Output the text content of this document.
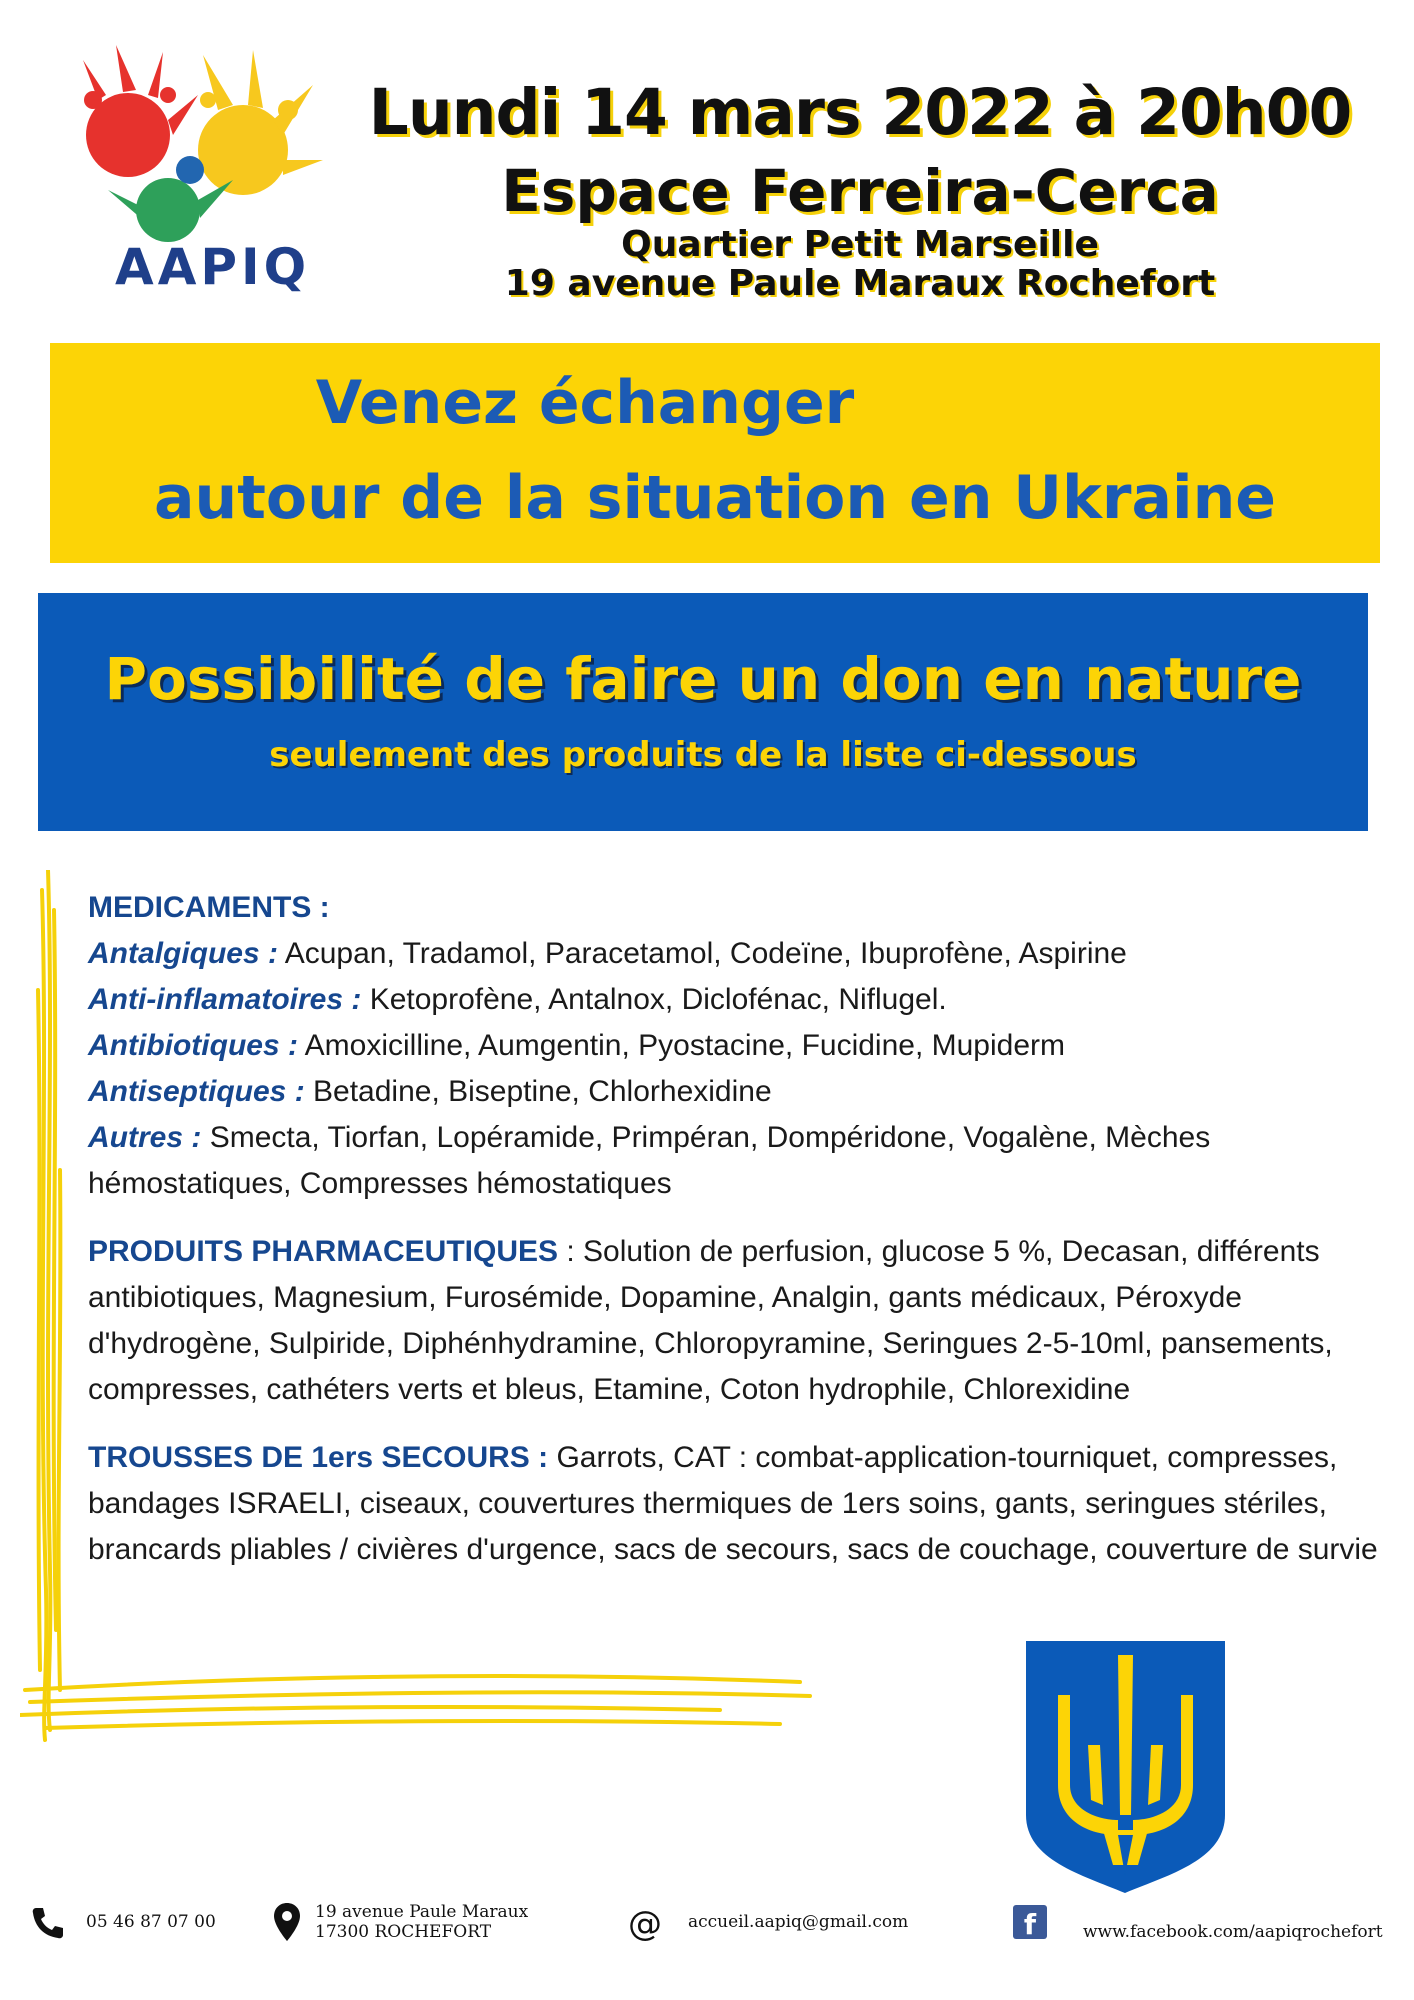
AAPIQ
Lundi 14 mars 2022 à 20h00
Espace Ferreira-Cerca
Quartier Petit Marseille
19 avenue Paule Maraux Rochefort
Venez échanger
autour de la situation en Ukraine
Possibilité de faire un don en nature
seulement des produits de la liste ci-dessous
MEDICAMENTS :
Antalgiques : Acupan, Tradamol, Paracetamol, Codeïne, Ibuprofène, Aspirine
Anti-inflamatoires : Ketoprofène, Antalnox, Diclofénac, Niflugel.
Antibiotiques : Amoxicilline, Aumgentin, Pyostacine, Fucidine, Mupiderm
Antiseptiques : Betadine, Biseptine, Chlorhexidine
Autres : Smecta, Tiorfan, Lopéramide, Primpéran, Dompéridone, Vogalène, Mèches hémostatiques, Compresses hémostatiques
PRODUITS PHARMACEUTIQUES : Solution de perfusion, glucose 5 %, Decasan, différents antibiotiques, Magnesium, Furosémide, Dopamine, Analgin, gants médicaux, Péroxyde d'hydrogène, Sulpiride, Diphénhydramine, Chloropyramine, Seringues 2-5-10ml, pansements, compresses, cathéters verts et bleus, Etamine, Coton hydrophile, Chlorexidine
TROUSSES DE 1ers SECOURS : Garrots, CAT : combat-application-tourniquet, compresses, bandages ISRAELI, ciseaux, couvertures thermiques de 1ers soins, gants, seringues stériles, brancards pliables / civières d'urgence, sacs de secours, sacs de couchage, couverture de survie
05 46 87 07 00	19 avenue Paule Maraux
17300 ROCHEFORT	@ accueil.aapiq@gmail.com	f	www.facebook.com/aapiqrochefort
